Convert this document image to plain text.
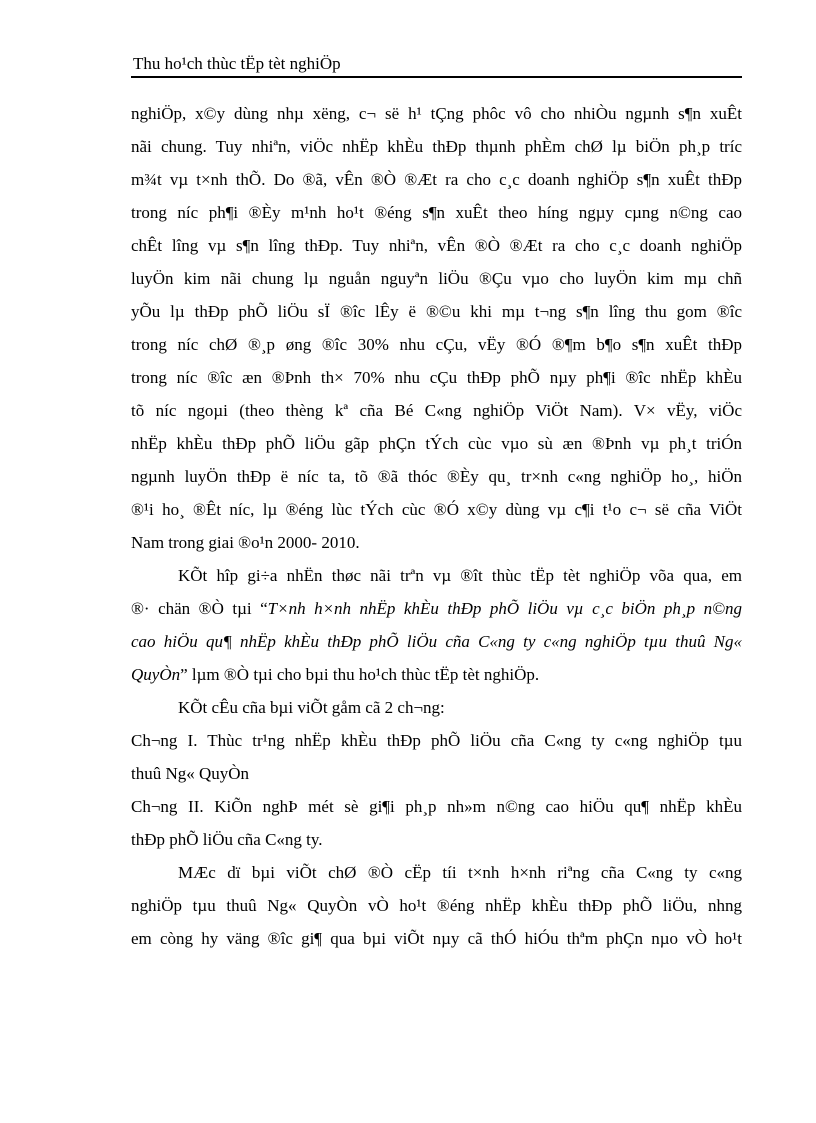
Thu ho¹ch thùc tËp tèt nghiÖp
nghiÖp, x©y dùng nhµ xëng, c¬ së h¹ tÇng phôc vô cho nhiÒu ngµnh s¶n xuÊt
nãi chung. Tuy nhiªn, viÖc nhËp khÈu thÐp thµnh phÈm chØ lµ biÖn ph¸p tríc
m¾t vµ t×nh thÕ. Do ®ã, vÊn ®Ò ®Æt ra cho c¸c doanh nghiÖp s¶n xuÊt thÐp
trong níc ph¶i ®Èy m¹nh ho¹t ®éng s¶n xuÊt theo híng ngµy cµng n©ng cao
chÊt lîng vµ s¶n lîng thÐp. Tuy nhiªn, vÊn ®Ò ®Æt ra cho c¸c doanh nghiÖp
luyÖn kim nãi chung lµ nguån nguyªn liÖu ®Çu vµo cho luyÖn kim mµ chñ
yÕu lµ thÐp phÕ liÖu sÏ ®îc lÊy ë ®©u khi mµ t¬ng s¶n lîng thu gom ®îc
trong níc chØ ®¸p øng ®îc 30% nhu cÇu, vËy ®Ó ®¶m b¶o s¶n xuÊt thÐp
trong níc ®îc æn ®Þnh th× 70% nhu cÇu thÐp phÕ nµy ph¶i ®îc nhËp khÈu
tõ níc ngoµi (theo thèng kª cña Bé C«ng nghiÖp ViÖt Nam). V× vËy, viÖc
nhËp khÈu thÐp phÕ liÖu gãp phÇn tÝch cùc vµo sù æn ®Þnh vµ ph¸t triÓn
ngµnh luyÖn thÐp ë níc ta, tõ ®ã thóc ®Èy qu¸ tr×nh c«ng nghiÖp ho¸, hiÖn
®¹i ho¸ ®Êt níc, lµ ®éng lùc tÝch cùc ®Ó x©y dùng vµ c¶i t¹o c¬ së cña ViÖt
Nam trong giai ®o¹n 2000- 2010.
KÕt hîp gi÷a nhËn thøc nãi trªn vµ ®ît thùc tËp tèt nghiÖp võa qua, em
®· chän ®Ò tµi “T×nh h×nh nhËp khÈu thÐp phÕ liÖu vµ c¸c biÖn ph¸p n©ng
cao hiÖu qu¶ nhËp khÈu thÐp phÕ liÖu cña C«ng ty c«ng nghiÖp tµu thuû Ng«
QuyÒn” lµm ®Ò tµi cho bµi thu ho¹ch thùc tËp tèt nghiÖp.
KÕt cÊu cña bµi viÕt gåm cã 2 ch¬ng:
Ch¬ng I. Thùc tr¹ng nhËp khÈu thÐp phÕ liÖu cña C«ng ty c«ng nghiÖp tµu
thuû Ng« QuyÒn
Ch¬ng II. KiÕn nghÞ mét sè gi¶i ph¸p nh»m n©ng cao hiÖu qu¶ nhËp khÈu
thÐp phÕ liÖu cña C«ng ty.
MÆc dï bµi viÕt chØ ®Ò cËp tíi t×nh h×nh riªng cña C«ng ty c«ng
nghiÖp tµu thuû Ng« QuyÒn vÒ ho¹t ®éng nhËp khÈu thÐp phÕ liÖu, nhng
em còng hy väng ®îc gi¶ qua bµi viÕt nµy cã thÓ hiÓu thªm phÇn nµo vÒ ho¹t
